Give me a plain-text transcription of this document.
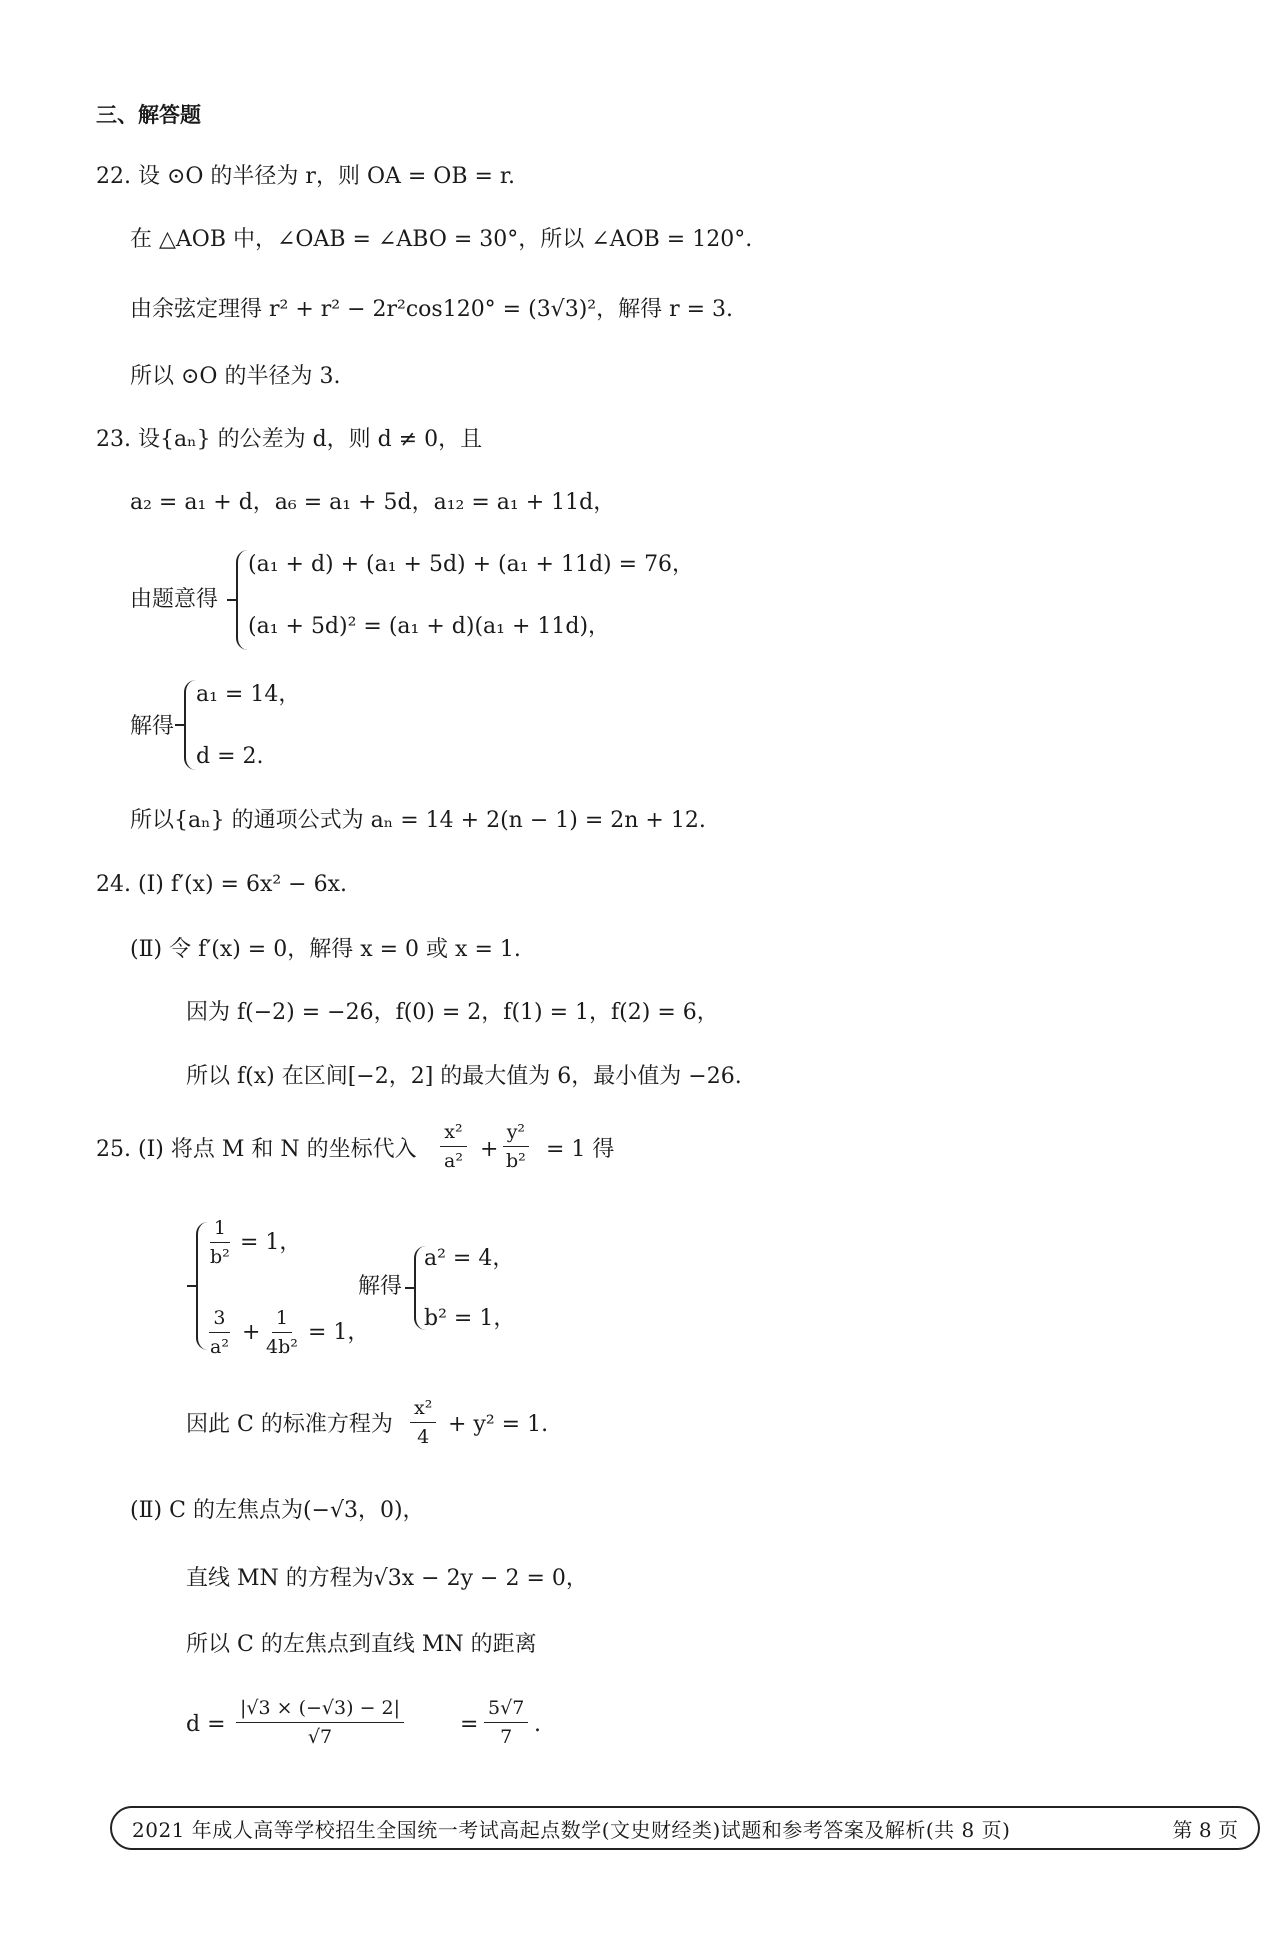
三、解答题
22. 设 ⊙O 的半径为 r，则 OA = OB = r.
在 △AOB 中，∠OAB = ∠ABO = 30°，所以 ∠AOB = 120°.
由余弦定理得 r² + r² − 2r²cos120° = (3√3)²，解得 r = 3.
所以 ⊙O 的半径为 3.
23. 设{aₙ} 的公差为 d，则 d ≠ 0，且
a₂ = a₁ + d，a₆ = a₁ + 5d，a₁₂ = a₁ + 11d，
由题意得
(a₁ + d) + (a₁ + 5d) + (a₁ + 11d) = 76，
(a₁ + 5d)² = (a₁ + d)(a₁ + 11d)，
解得
a₁ = 14，
d = 2.
所以{aₙ} 的通项公式为 aₙ = 14 + 2(n − 1) = 2n + 12.
24. (Ⅰ) f′(x) = 6x² − 6x.
(Ⅱ) 令 f′(x) = 0，解得 x = 0 或 x = 1.
因为 f(−2) = −26，f(0) = 2，f(1) = 1，f(2) = 6，
所以 f(x) 在区间[−2，2] 的最大值为 6，最小值为 −26.
25. (Ⅰ) 将点 M 和 N 的坐标代入 $\frac{\text{x²}}{\text{a²}} + \frac{\text{y²}}{\text{b²}} = 1$ 得
$\frac{1}{\text{b²}} = 1$，
$\frac{3}{\text{a²}} + \frac{1}{\text{4b²}} = 1$，
解得
a² = 4，
b² = 1，
因此 C 的标准方程为 $\frac{\text{x²}}{4} + y^2 = 1$.
(Ⅱ) C 的左焦点为(−√3，0)，
直线 MN 的方程为√3x − 2y − 2 = 0，
所以 C 的左焦点到直线 MN 的距离
$d = \frac{|√3 \times (-√3) - 2|}{√7}$	= $\frac{5√7}{7}$ .
2021 年成人高等学校招生全国统一考试高起点数学(文史财经类)试题和参考答案及解析(共 8 页)	第 8 页
